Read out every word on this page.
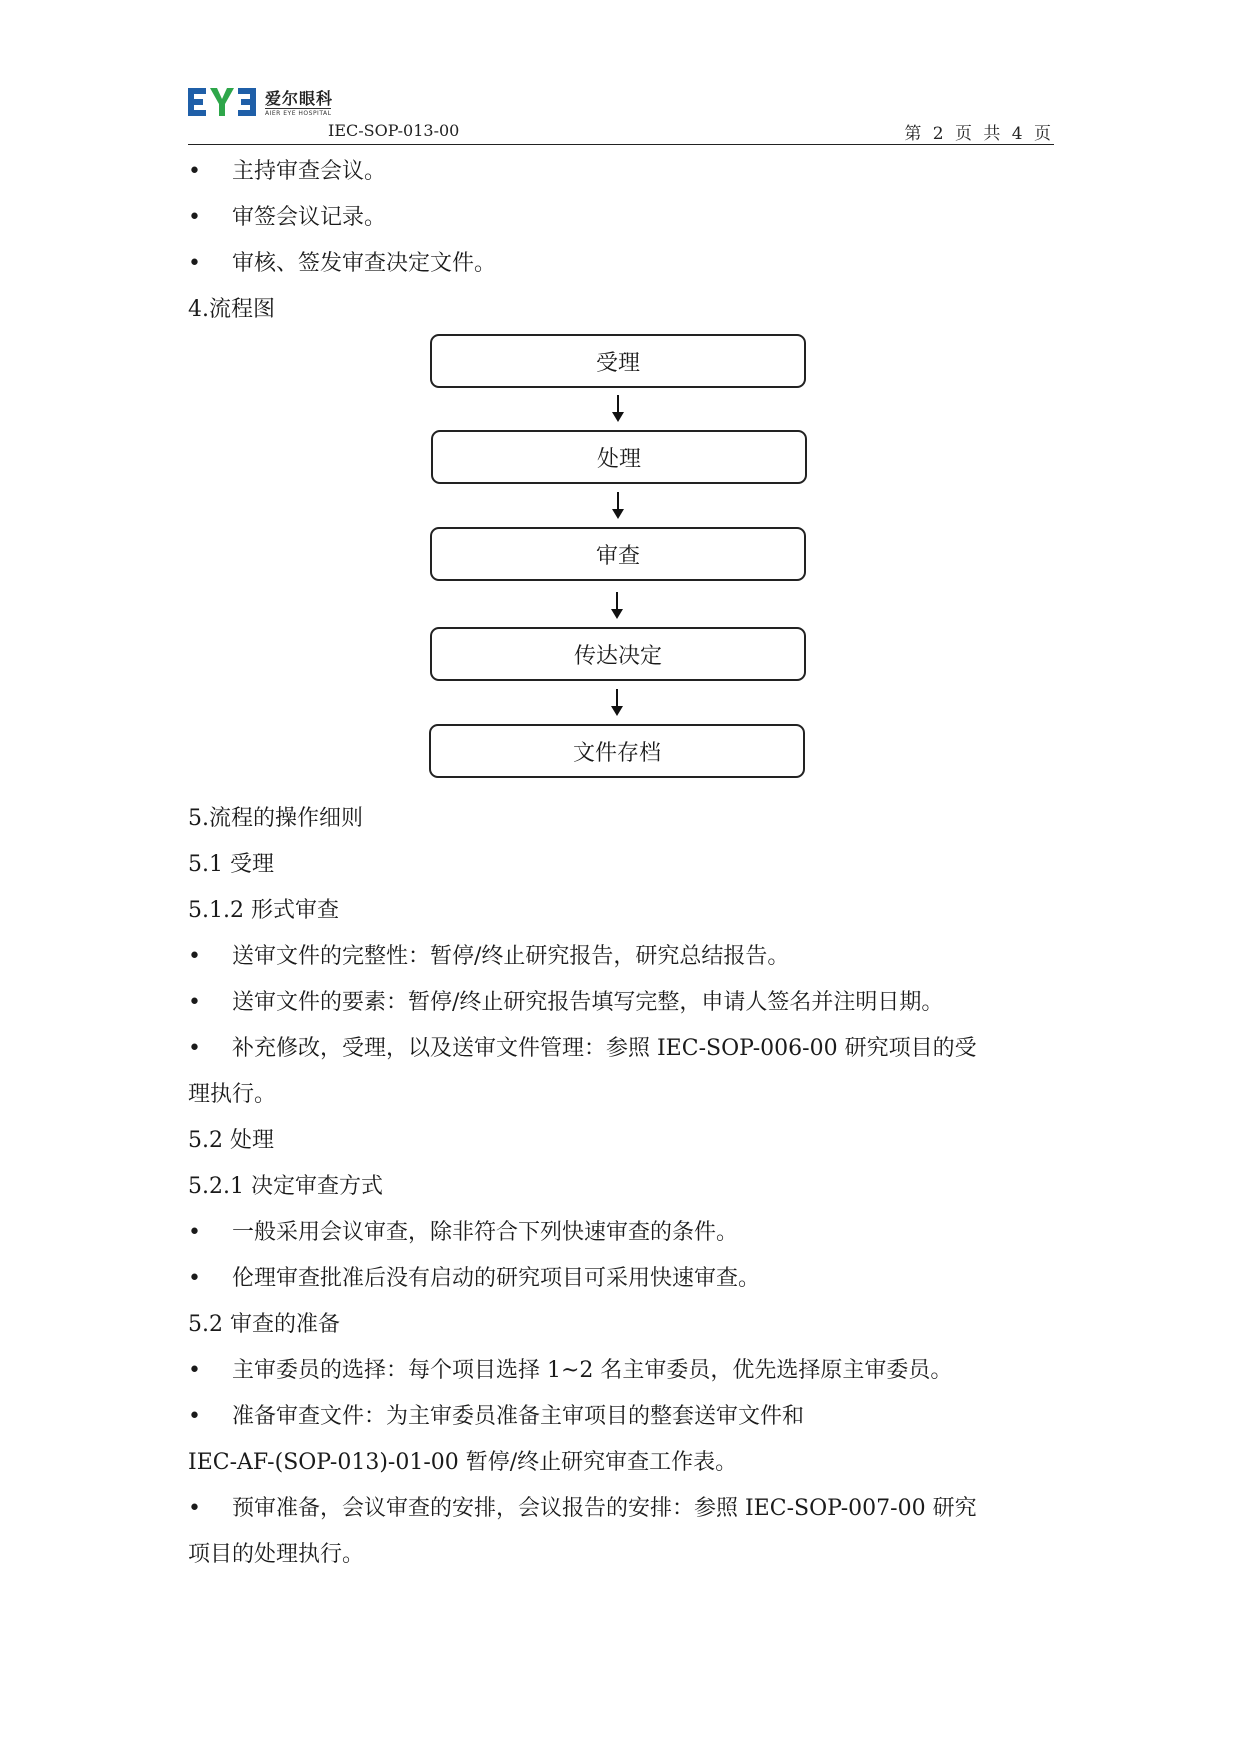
爱尔眼科
AIER EYE HOSPITAL
IEC-SOP-013-00	第 2 页 共 4 页
• 主持审查会议。
• 审签会议记录。
• 审核、签发审查决定文件。
4.流程图
5.流程的操作细则
5.1 受理
5.1.2 形式审查
• 送审文件的完整性：暂停/终止研究报告，研究总结报告。
• 送审文件的要素：暂停/终止研究报告填写完整，申请人签名并注明日期。
• 补充修改，受理，以及送审文件管理：参照 IEC-SOP-006-00 研究项目的受
理执行。
5.2 处理
5.2.1 决定审查方式
• 一般采用会议审查，除非符合下列快速审查的条件。
• 伦理审查批准后没有启动的研究项目可采用快速审查。
5.2 审查的准备
• 主审委员的选择：每个项目选择 1~2 名主审委员，优先选择原主审委员。
• 准备审查文件：为主审委员准备主审项目的整套送审文件和
IEC-AF-(SOP-013)-01-00 暂停/终止研究审查工作表。
• 预审准备，会议审查的安排，会议报告的安排：参照 IEC-SOP-007-00 研究
项目的处理执行。
受理
处理
审查
传达决定
文件存档
